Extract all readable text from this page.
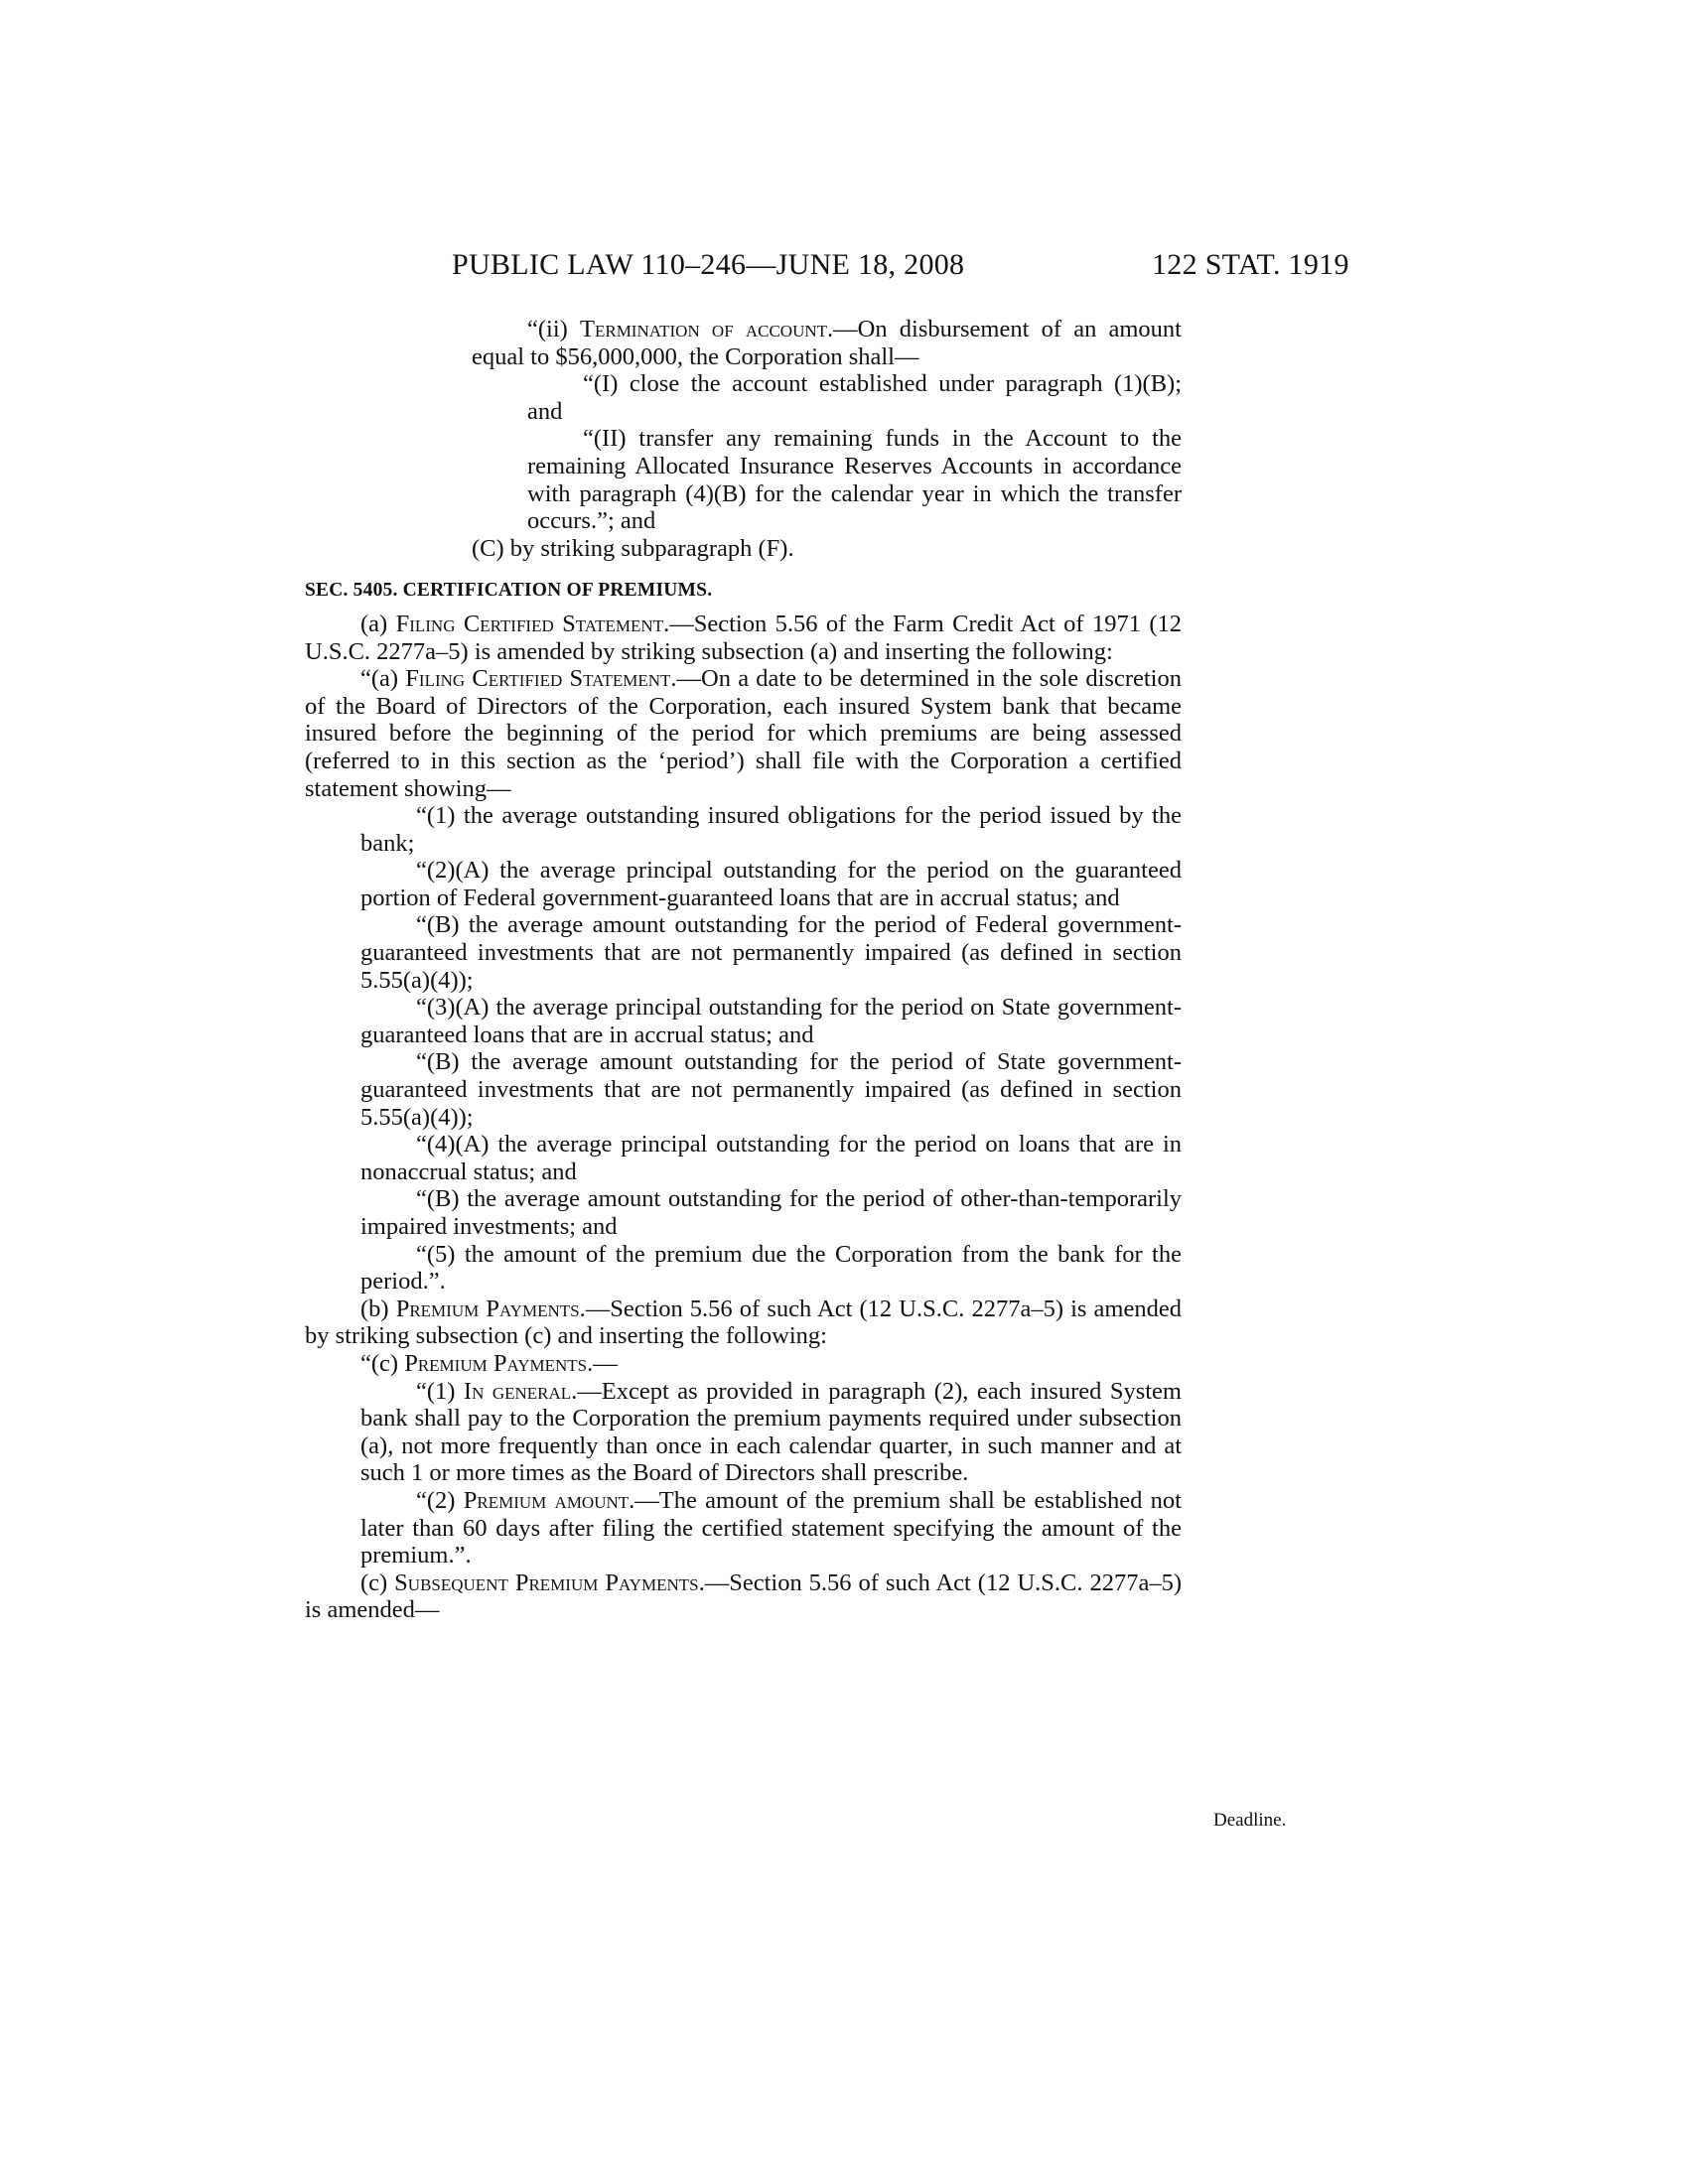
PUBLIC LAW 110–246—JUNE 18, 2008	122 STAT. 1919

“(ii) Termination of account.—On disbursement of an amount equal to $56,000,000, the Corporation shall—

“(I) close the account established under paragraph (1)(B); and

“(II) transfer any remaining funds in the Account to the remaining Allocated Insurance Reserves Accounts in accordance with paragraph (4)(B) for the calendar year in which the transfer occurs.”; and

(C) by striking subparagraph (F).

SEC. 5405. CERTIFICATION OF PREMIUMS.

(a) Filing Certified Statement.—Section 5.56 of the Farm Credit Act of 1971 (12 U.S.C. 2277a–5) is amended by striking subsection (a) and inserting the following:

“(a) Filing Certified Statement.—On a date to be determined in the sole discretion of the Board of Directors of the Corporation, each insured System bank that became insured before the beginning of the period for which premiums are being assessed (referred to in this section as the ‘period’) shall file with the Corporation a certified statement showing—

“(1) the average outstanding insured obligations for the period issued by the bank;

“(2)(A) the average principal outstanding for the period on the guaranteed portion of Federal government-guaranteed loans that are in accrual status; and

“(B) the average amount outstanding for the period of Federal government-guaranteed investments that are not permanently impaired (as defined in section 5.55(a)(4));

“(3)(A) the average principal outstanding for the period on State government-guaranteed loans that are in accrual status; and

“(B) the average amount outstanding for the period of State government-guaranteed investments that are not permanently impaired (as defined in section 5.55(a)(4));

“(4)(A) the average principal outstanding for the period on loans that are in nonaccrual status; and

“(B) the average amount outstanding for the period of other-than-temporarily impaired investments; and

“(5) the amount of the premium due the Corporation from the bank for the period.”.

(b) Premium Payments.—Section 5.56 of such Act (12 U.S.C. 2277a–5) is amended by striking subsection (c) and inserting the following:

“(c) Premium Payments.—

“(1) In general.—Except as provided in paragraph (2), each insured System bank shall pay to the Corporation the premium payments required under subsection (a), not more frequently than once in each calendar quarter, in such manner and at such 1 or more times as the Board of Directors shall prescribe.

“(2) Premium amount.—The amount of the premium shall be established not later than 60 days after filing the certified statement specifying the amount of the premium.”.

(c) Subsequent Premium Payments.—Section 5.56 of such Act (12 U.S.C. 2277a–5) is amended—

Deadline.
